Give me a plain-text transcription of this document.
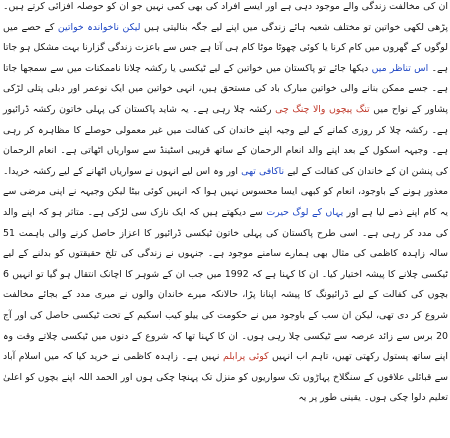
ان کی مخالفت زندگی والے موجود دہی ہے اور ایسے افراد کی بھی کمی نہیں جو ان کو حوصلہ افزائی کرتے ہیں۔ پڑھی لکھی خواتین تو مختلف شعبہ ہائے زندگی میں اپنے لیے جگہ بنالیتی ہیں لیکن ناخواندہ خواتین کے حصے میں لوگوں کے گھروں میں کام کرنا یا کوئی چھوٹا موٹا کام ہی آتا ہے جس سے باعزت زندگی گزارنا بہت مشکل ہو جاتا ہے۔ اس تناظر میں دیکھا جائے تو پاکستان میں خواتین کے لیے ٹیکسی یا رکشہ چلانا ناممکنات میں سے سمجھا جاتا ہے۔ جسے ممکن بنانے والی خواتین مبارک باد کی مستحق ہیں، انہی خواتین میں ایک نوعمر اور دبلی پتلی لڑکی پشاور کے نواح میں تنگ پیچوں والا چنگ چی رکشہ چلا رہی ہے۔ یہ شاید پاکستان کی پہلی خاتون رکشہ ڈرائیور ہے۔ رکشہ چلا کر روزی کمانے کے لیے وجیہ اپنے خاندان کی کفالت میں غیر معمولی حوصلے کا مظاہرہ کر رہی ہے۔ وجیہہ اسکول کے بعد اپنے والد انعام الرحمان کے ساتھ قریبی اسٹینڈ سے سواریاں اٹھاتی ہے۔ انعام الرحمان کی پنشن ان کے خاندان کی کفالت کے لیے ناکافی تھی اور وہ اس لیے انہوں نے سواریاں اٹھانے کے لیے رکشہ خریدا۔ معذور ہونے کے باوجود، انعام کو کبھی ایسا محسوس نہیں ہوا کہ انہیں کوئی بیٹا لیکن وجیہہ نے اپنی مرضی سے یہ کام اپنے ذمے لیا ہے اور یہاں کے لوگ حیرت سے دیکھتے ہیں کہ ایک نازک سی لڑکی ہے۔ متاثر ہو کہ اپنے والد کی مدد کر رہی ہے۔ اسی طرح پاکستان کی پہلی خاتون ٹیکسی ڈرائیور کا اعزاز حاصل کرنے والی باہمت 51 سالہ زاہدہ کاظمی کی مثال بھی ہمارے سامنے موجود ہے۔ جنہوں نے زندگی کی تلخ حقیقتوں کو بدلنے کے لیے ٹیکسی چلانے کا پیشہ اختیار کیا۔ ان کا کہنا ہے کہ 1992 میں جب ان کے شوہر کا اچانک انتقال ہو گیا تو انہیں 6 بچوں کی کفالت کے لیے ڈرائیونگ کا پیشہ اپنانا پڑا، حالانکہ میرے خاندان والوں نے میری مدد کے بجائے مخالفت شروع کر دی تھی، لیکن ان سب کے باوجود میں نے حکومت کی ییلو کیب اسکیم کے تحت ٹیکسی حاصل کی اور آج 20 برس سے زائد عرصہ سے ٹیکسی چلا رہی ہوں۔ ان کا کہنا تھا کہ شروع کے دنوں میں ٹیکسی چلاتے وقت وہ اپنے ساتھ پستول رکھتی تھیں، تاہم اب انہیں کوئی پرابلم نہیں ہے۔ زاہدہ کاظمی نے خرید کیا کہ میں اسلام آباد سے قبائلی علاقوں کے سنگلاخ پہاڑوں تک سواریوں کو منزل تک پہنچا چکی ہوں اور الحمد اللہ اپنے بچوں کو اعلیٰ تعلیم دلوا چکی ہوں۔ یقینی طور پر یہ
